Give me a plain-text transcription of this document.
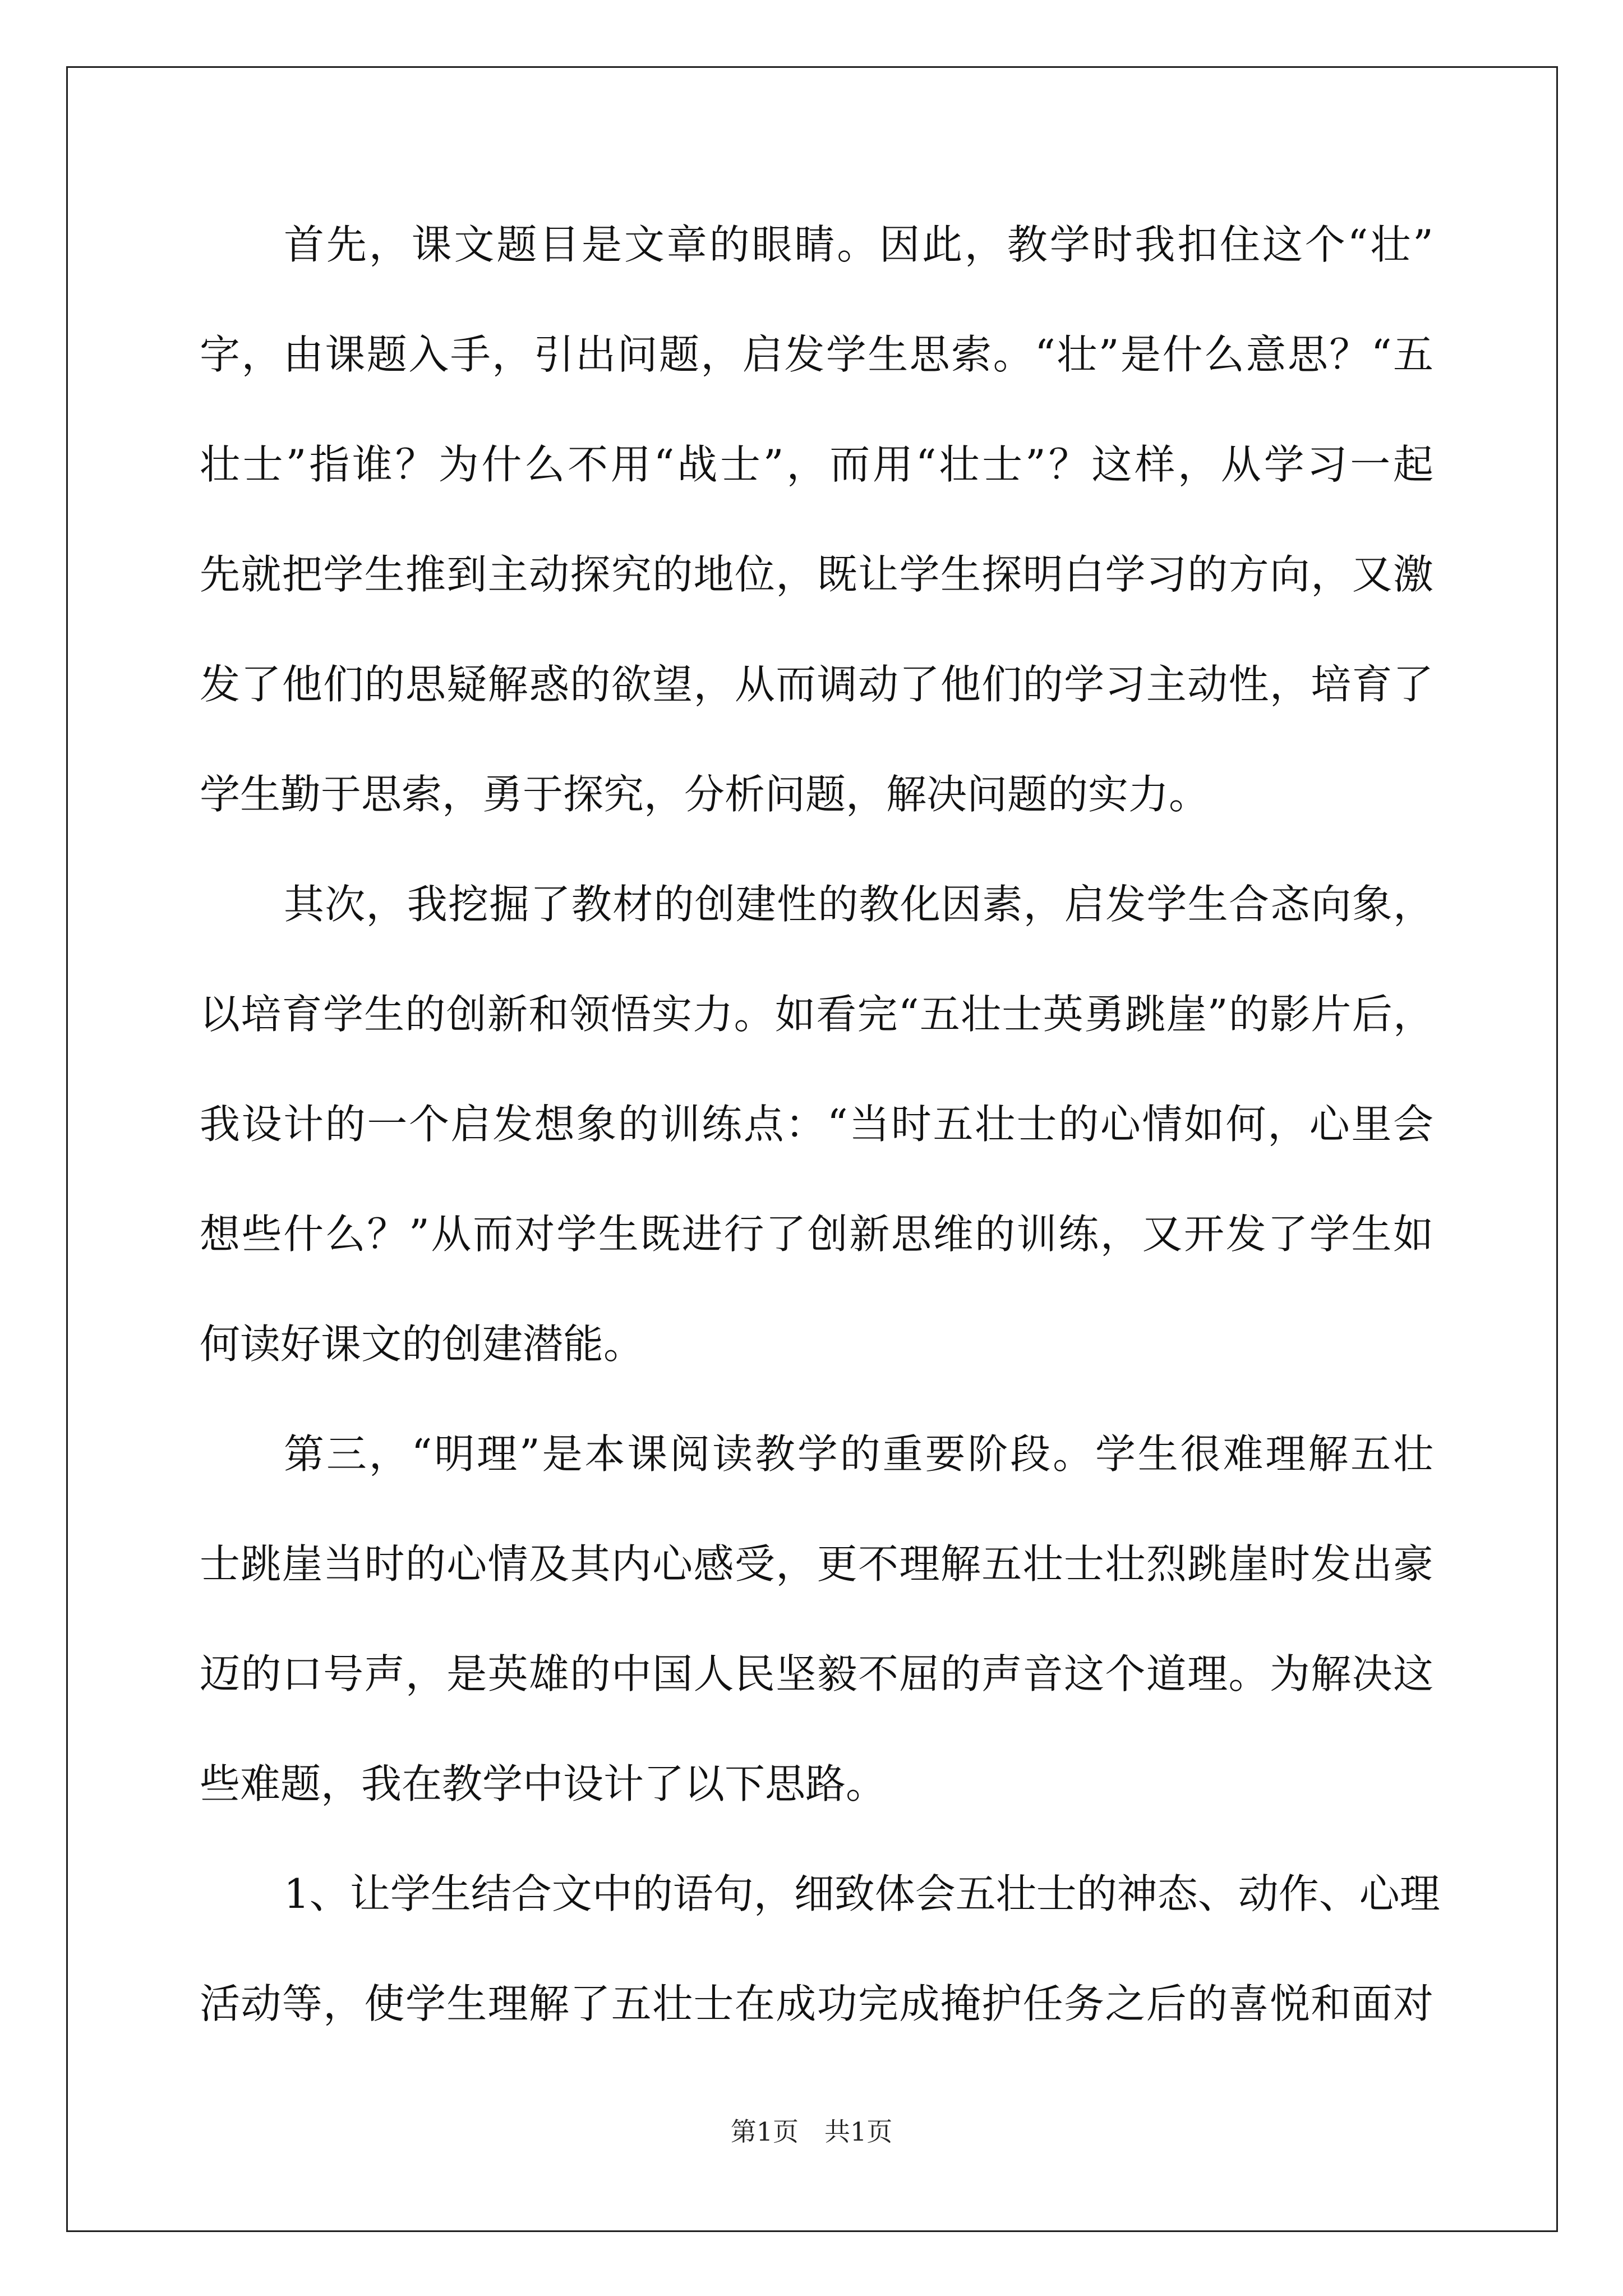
首先，课文题目是文章的眼睛。因此，教学时我扣住这个“壮”
字，由课题入手，引出问题，启发学生思索。“壮”是什么意思？“五
壮士”指谁？为什么不用“战士”，而用“壮士”？这样，从学习一起
先就把学生推到主动探究的地位，既让学生探明白学习的方向，又激
发了他们的思疑解惑的欲望，从而调动了他们的学习主动性，培育了
学生勤于思索，勇于探究，分析问题，解决问题的实力。
其次，我挖掘了教材的创建性的教化因素，启发学生合忞向象，
以培育学生的创新和领悟实力。如看完“五壮士英勇跳崖”的影片后，
我设计的一个启发想象的训练点：“当时五壮士的心情如何，心里会
想些什么？”从而对学生既进行了创新思维的训练，又开发了学生如
何读好课文的创建潜能。
第三，“明理”是本课阅读教学的重要阶段。学生很难理解五壮
士跳崖当时的心情及其内心感受，更不理解五壮士壮烈跳崖时发出豪
迈的口号声，是英雄的中国人民坚毅不屈的声音这个道理。为解决这
些难题，我在教学中设计了以下思路。
1、让学生结合文中的语句，细致体会五壮士的神态、动作、心理
活动等，使学生理解了五壮士在成功完成掩护任务之后的喜悦和面对
第1页　共1页
